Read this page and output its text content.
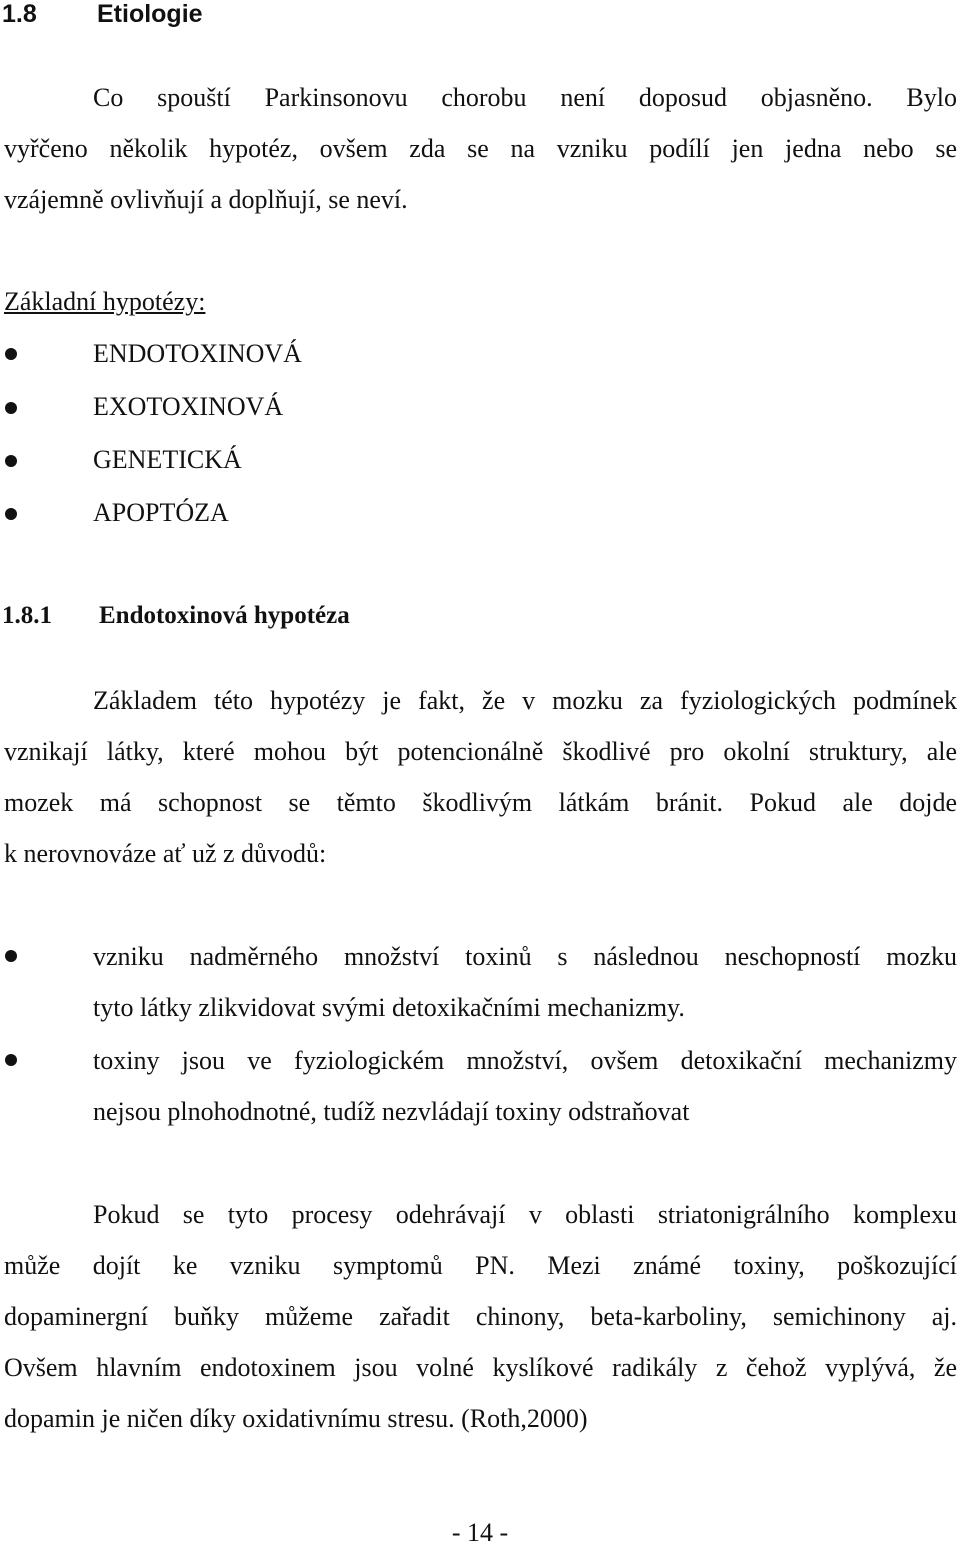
1.8 Etiologie
Co spouští Parkinsonovu chorobu není doposud objasněno. Bylo
vyřčeno několik hypotéz, ovšem zda se na vzniku podílí jen jedna nebo se
vzájemně ovlivňují a doplňují, se neví.
Základní hypotézy:
ENDOTOXINOVÁ
EXOTOXINOVÁ
GENETICKÁ
APOPTÓZA
1.8.1 Endotoxinová hypotéza
Základem této hypotézy je fakt, že v mozku za fyziologických podmínek
vznikají látky, které mohou být potencionálně škodlivé pro okolní struktury, ale
mozek má schopnost se těmto škodlivým látkám bránit. Pokud ale dojde
k nerovnováze ať už z důvodů:
vzniku nadměrného množství toxinů s následnou neschopností mozku
tyto látky zlikvidovat svými detoxikačními mechanizmy.
toxiny jsou ve fyziologickém množství, ovšem detoxikační mechanizmy
nejsou plnohodnotné, tudíž nezvládají toxiny odstraňovat
Pokud se tyto procesy odehrávají v oblasti striatonigrálního komplexu
může dojít ke vzniku symptomů PN. Mezi známé toxiny, poškozující
dopaminergní buňky můžeme zařadit chinony, beta-karboliny, semichinony aj.
Ovšem hlavním endotoxinem jsou volné kyslíkové radikály z čehož vyplývá, že
dopamin je ničen díky oxidativnímu stresu. (Roth,2000)
- 14 -
